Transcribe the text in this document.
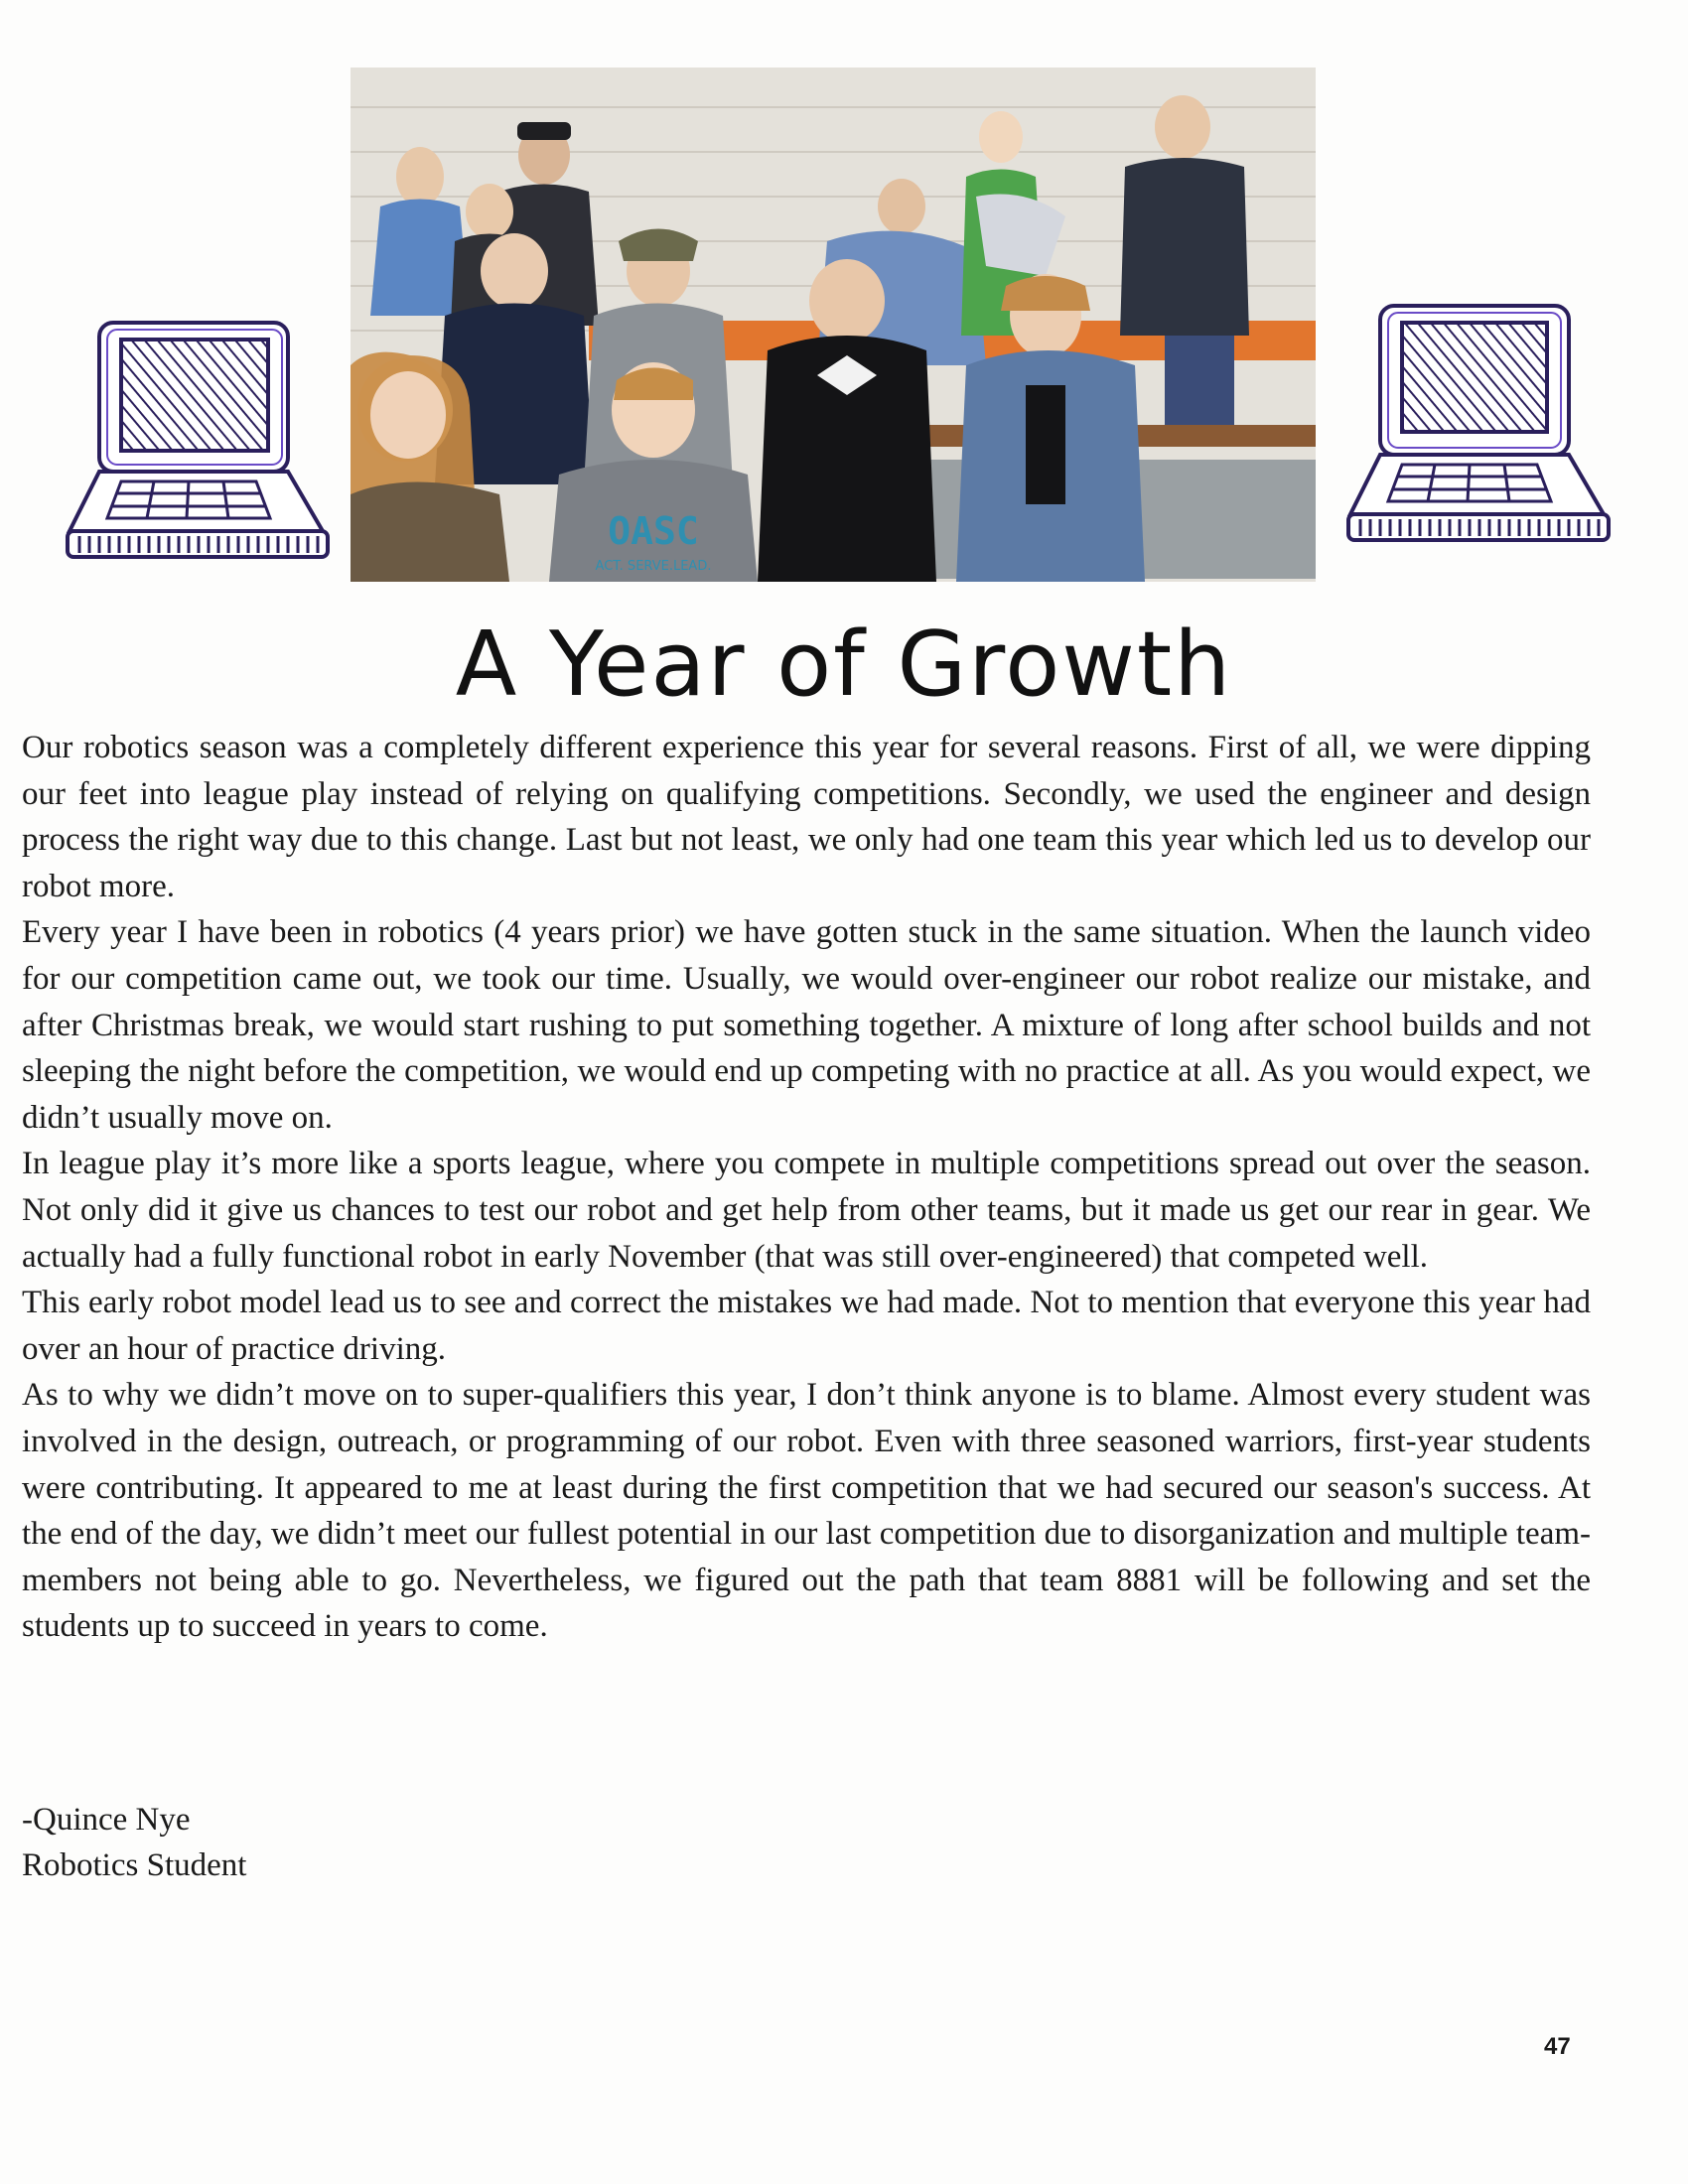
OASC
ACT. SERVE.LEAD.
A Year of Growth

Our robotics season was a completely different experience this year for several reasons. First of all, we were dipping our feet into league play instead of relying on qualifying competitions. Secondly, we used the engineer and design process the right way due to this change. Last but not least, we only had one team this year which led us to develop our robot more.

Every year I have been in robotics (4 years prior) we have gotten stuck in the same situation. When the launch video for our competition came out, we took our time. Usually, we would over-engineer our robot realize our mistake, and after Christmas break, we would start rushing to put something together. A mixture of long after school builds and not sleeping the night before the competition, we would end up competing with no practice at all. As you would expect, we didn’t usually move on.

In league play it’s more like a sports league, where you compete in multiple competitions spread out over the season. Not only did it give us chances to test our robot and get help from other teams, but it made us get our rear in gear. We actually had a fully functional robot in early November (that was still over-engineered) that competed well.

This early robot model lead us to see and correct the mistakes we had made. Not to mention that everyone this year had over an hour of practice driving.

As to why we didn’t move on to super-qualifiers this year, I don’t think anyone is to blame. Almost every student was involved in the design, outreach, or programming of our robot. Even with three seasoned warriors, first-year students were contributing. It appeared to me at least during the first competition that we had secured our season's success. At the end of the day, we didn’t meet our fullest potential in our last competition due to disorganization and multiple team-members not being able to go. Nevertheless, we figured out the path that team 8881 will be following and set the students up to succeed in years to come.

-Quince Nye
Robotics Student
47
